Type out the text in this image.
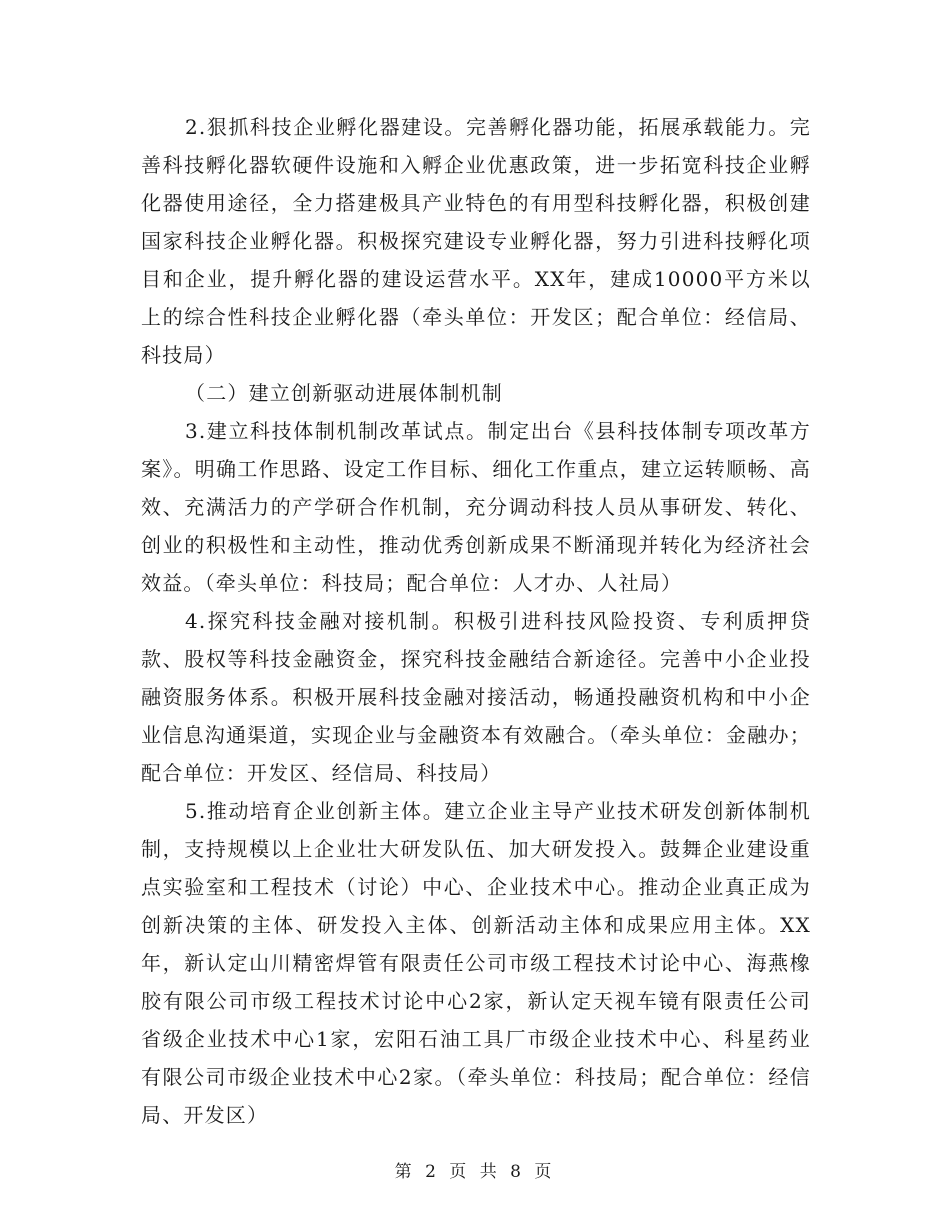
2.狠抓科技企业孵化器建设。完善孵化器功能，拓展承载能力。完善科技孵化器软硬件设施和入孵企业优惠政策，进一步拓宽科技企业孵化器使用途径，全力搭建极具产业特色的有用型科技孵化器，积极创建国家科技企业孵化器。积极探究建设专业孵化器，努力引进科技孵化项目和企业，提升孵化器的建设运营水平。XX年，建成10000平方米以上的综合性科技企业孵化器（牵头单位：开发区；配合单位：经信局、科技局）

（二）建立创新驱动进展体制机制

3.建立科技体制机制改革试点。制定出台《县科技体制专项改革方案》。明确工作思路、设定工作目标、细化工作重点，建立运转顺畅、高效、充满活力的产学研合作机制，充分调动科技人员从事研发、转化、创业的积极性和主动性，推动优秀创新成果不断涌现并转化为经济社会效益。（牵头单位：科技局；配合单位：人才办、人社局）

4.探究科技金融对接机制。积极引进科技风险投资、专利质押贷款、股权等科技金融资金，探究科技金融结合新途径。完善中小企业投融资服务体系。积极开展科技金融对接活动，畅通投融资机构和中小企业信息沟通渠道，实现企业与金融资本有效融合。（牵头单位：金融办；配合单位：开发区、经信局、科技局）

5.推动培育企业创新主体。建立企业主导产业技术研发创新体制机制，支持规模以上企业壮大研发队伍、加大研发投入。鼓舞企业建设重点实验室和工程技术（讨论）中心、企业技术中心。推动企业真正成为创新决策的主体、研发投入主体、创新活动主体和成果应用主体。XX年，新认定山川精密焊管有限责任公司市级工程技术讨论中心、海燕橡胶有限公司市级工程技术讨论中心2家，新认定天视车镜有限责任公司省级企业技术中心1家，宏阳石油工具厂市级企业技术中心、科星药业有限公司市级企业技术中心2家。（牵头单位：科技局；配合单位：经信局、开发区）

第 2 页 共 8 页
